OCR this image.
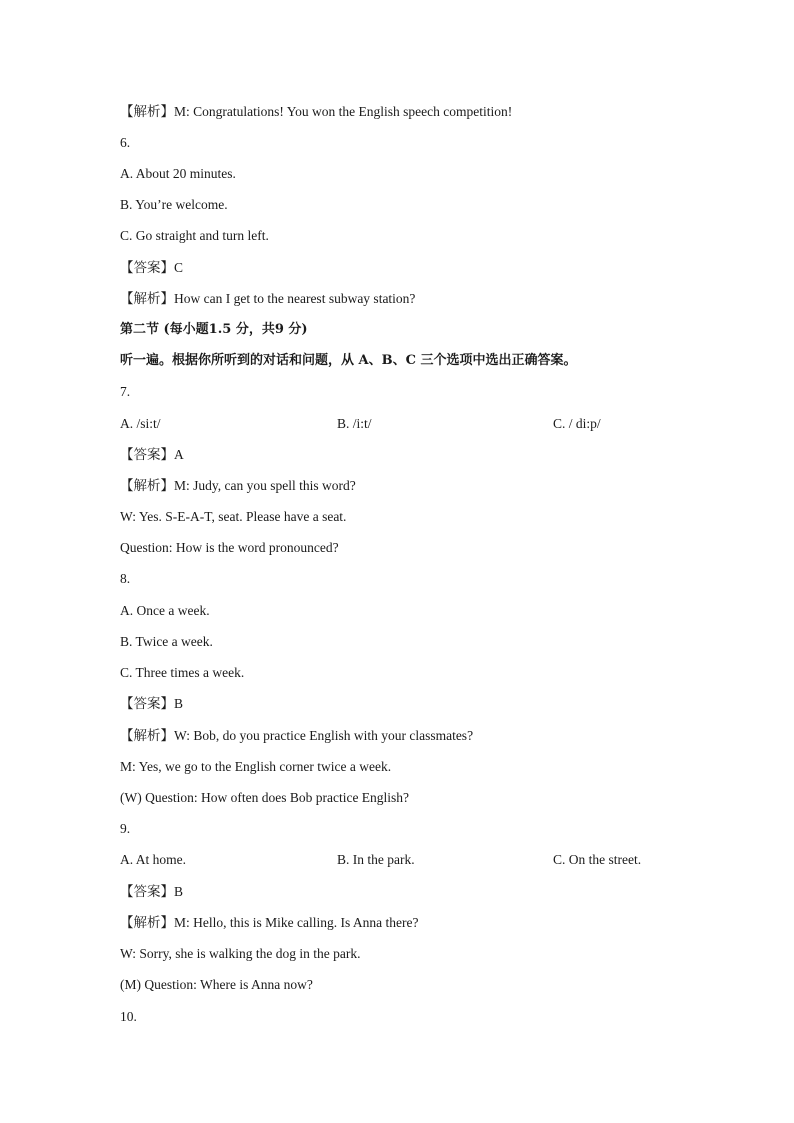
【解析】M: Congratulations! You won the English speech competition!
6.
A. About 20 minutes.
B. You’re welcome.
C. Go straight and turn left.
【答案】C
【解析】How can I get to the nearest subway station?
第二节 (每小题1.5 分，共9 分)
听一遍。根据你所听到的对话和问题，从 A、B、C 三个选项中选出正确答案。
7.
A. /si:t/	B. /i:t/	C. / di:p/
【答案】A
【解析】M: Judy, can you spell this word?
W: Yes. S-E-A-T, seat. Please have a seat.
Question: How is the word pronounced?
8.
A. Once a week.
B. Twice a week.
C. Three times a week.
【答案】B
【解析】W: Bob, do you practice English with your classmates?
M: Yes, we go to the English corner twice a week.
(W) Question: How often does Bob practice English?
9.
A. At home.	B. In the park.	C. On the street.
【答案】B
【解析】M: Hello, this is Mike calling. Is Anna there?
W: Sorry, she is walking the dog in the park.
(M) Question: Where is Anna now?
10.
